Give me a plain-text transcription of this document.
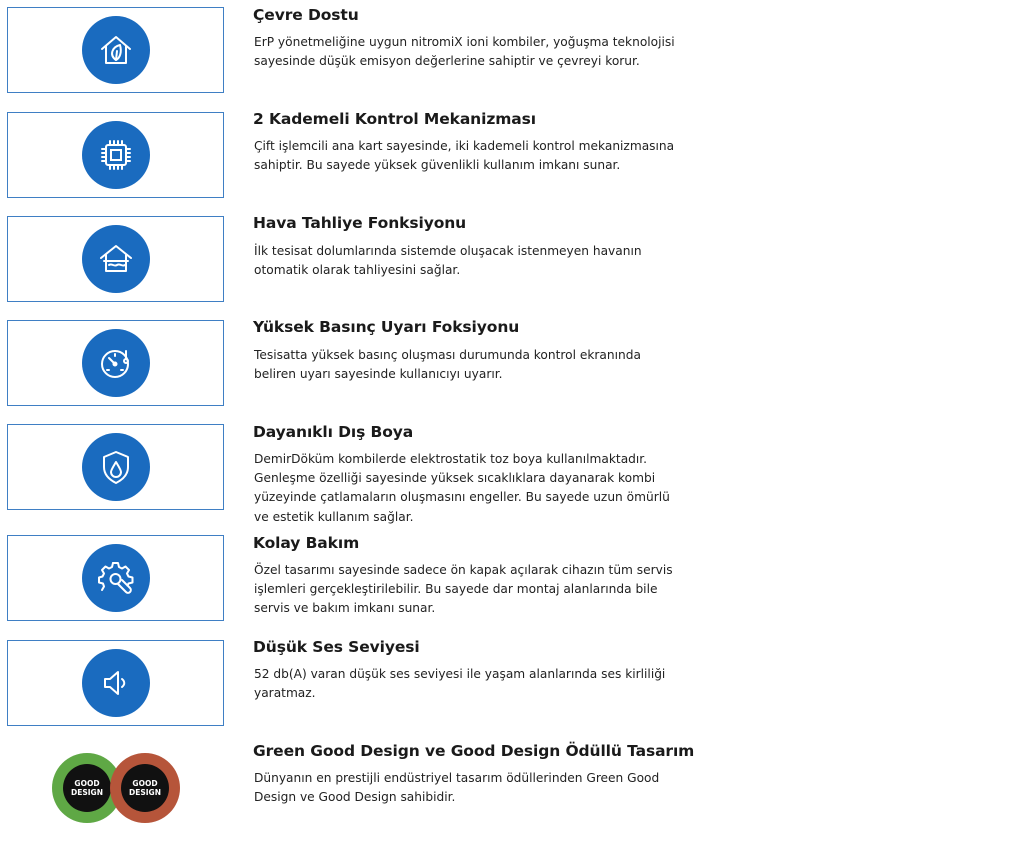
Çevre Dostu
ErP yönetmeliğine uygun nitromiX ioni kombiler, yoğuşma teknolojisi sayesinde düşük emisyon değerlerine sahiptir ve çevreyi korur.
2 Kademeli Kontrol Mekanizması
Çift işlemcili ana kart sayesinde, iki kademeli kontrol mekanizmasına sahiptir. Bu sayede yüksek güvenlikli kullanım imkanı sunar.
Hava Tahliye Fonksiyonu
İlk tesisat dolumlarında sistemde oluşacak istenmeyen havanın otomatik olarak tahliyesini sağlar.
Yüksek Basınç Uyarı Foksiyonu
Tesisatta yüksek basınç oluşması durumunda kontrol ekranında beliren uyarı sayesinde kullanıcıyı uyarır.
Dayanıklı Dış Boya
DemirDöküm kombilerde elektrostatik toz boya kullanılmaktadır. Genleşme özelliği sayesinde yüksek sıcaklıklara dayanarak kombi yüzeyinde çatlamaların oluşmasını engeller. Bu sayede uzun ömürlü ve estetik kullanım sağlar.
Kolay Bakım
Özel tasarımı sayesinde sadece ön kapak açılarak cihazın tüm servis işlemleri gerçekleştirilebilir. Bu sayede dar montaj alanlarında bile servis ve bakım imkanı sunar.
Düşük Ses Seviyesi
52 db(A) varan düşük ses seviyesi ile yaşam alanlarında ses kirliliği yaratmaz.
GOOD DESIGN
GOOD DESIGN
Green Good Design ve Good Design Ödüllü Tasarım
Dünyanın en prestijli endüstriyel tasarım ödüllerinden Green Good Design ve Good Design sahibidir.
